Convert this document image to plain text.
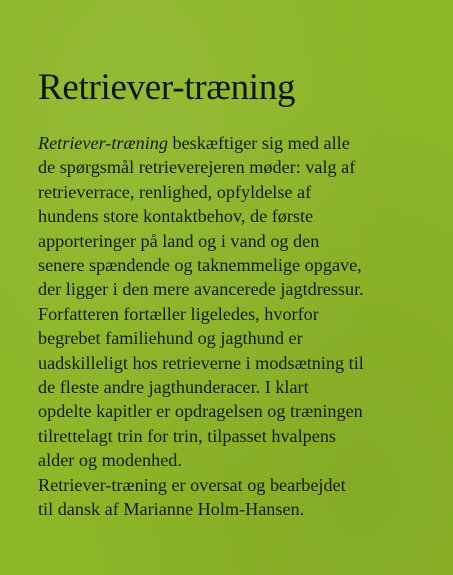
Retriever-træning

Retriever-træning beskæftiger sig med alle
de spørgsmål retrieverejeren møder: valg af
retrieverrace, renlighed, opfyldelse af
hundens store kontaktbehov, de første
apporteringer på land og i vand og den
senere spændende og taknemmelige opgave,
der ligger i den mere avancerede jagtdressur.
Forfatteren fortæller ligeledes, hvorfor
begrebet familiehund og jagthund er
uadskilleligt hos retrieverne i modsætning til
de fleste andre jagthunderacer. I klart
opdelte kapitler er opdragelsen og træningen
tilrettelagt trin for trin, tilpasset hvalpens
alder og modenhed.
Retriever-træning er oversat og bearbejdet
til dansk af Marianne Holm-Hansen.
